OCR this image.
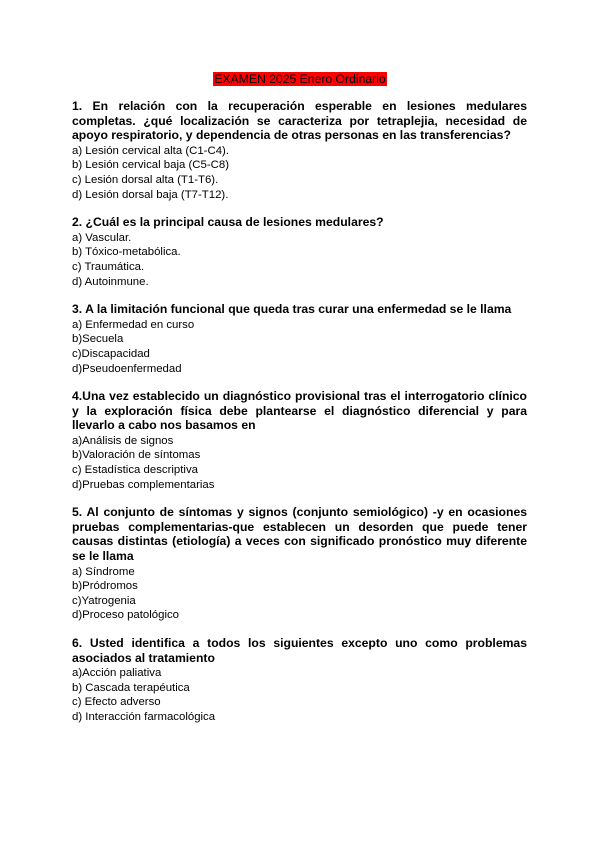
EXAMEN 2025 Enero Ordinario

1. En relación con la recuperación esperable en lesiones medulares completas. ¿qué localización se caracteriza por tetraplejia, necesidad de apoyo respiratorio, y dependencia de otras personas en las transferencias?

a) Lesión cervical alta (C1-C4).

b) Lesión cervical baja (C5-C8)

c) Lesión dorsal alta (T1-T6).

d) Lesión dorsal baja (T7-T12).

2. ¿Cuál es la principal causa de lesiones medulares?

a) Vascular.

b) Tóxico-metabólica.

c) Traumática.

d) Autoinmune.

3. A la limitación funcional que queda tras curar una enfermedad se le llama

a) Enfermedad en curso

b)Secuela

c)Discapacidad

d)Pseudoenfermedad

4.Una vez establecido un diagnóstico provisional tras el interrogatorio clínico y la exploración física debe plantearse el diagnóstico diferencial y para llevarlo a cabo nos basamos en

a)Análisis de signos

b)Valoración de síntomas

c) Estadística descriptiva

d)Pruebas complementarias

5. Al conjunto de síntomas y signos (conjunto semiológico) -y en ocasiones pruebas complementarias-que establecen un desorden que puede tener causas distintas (etiología) a veces con significado pronóstico muy diferente se le llama

a) Síndrome

b)Pródromos

c)Yatrogenia

d)Proceso patológico

6. Usted identifica a todos los siguientes excepto uno como problemas asociados al tratamiento

a)Acción paliativa

b) Cascada terapéutica

c) Efecto adverso

d) Interacción farmacológica
